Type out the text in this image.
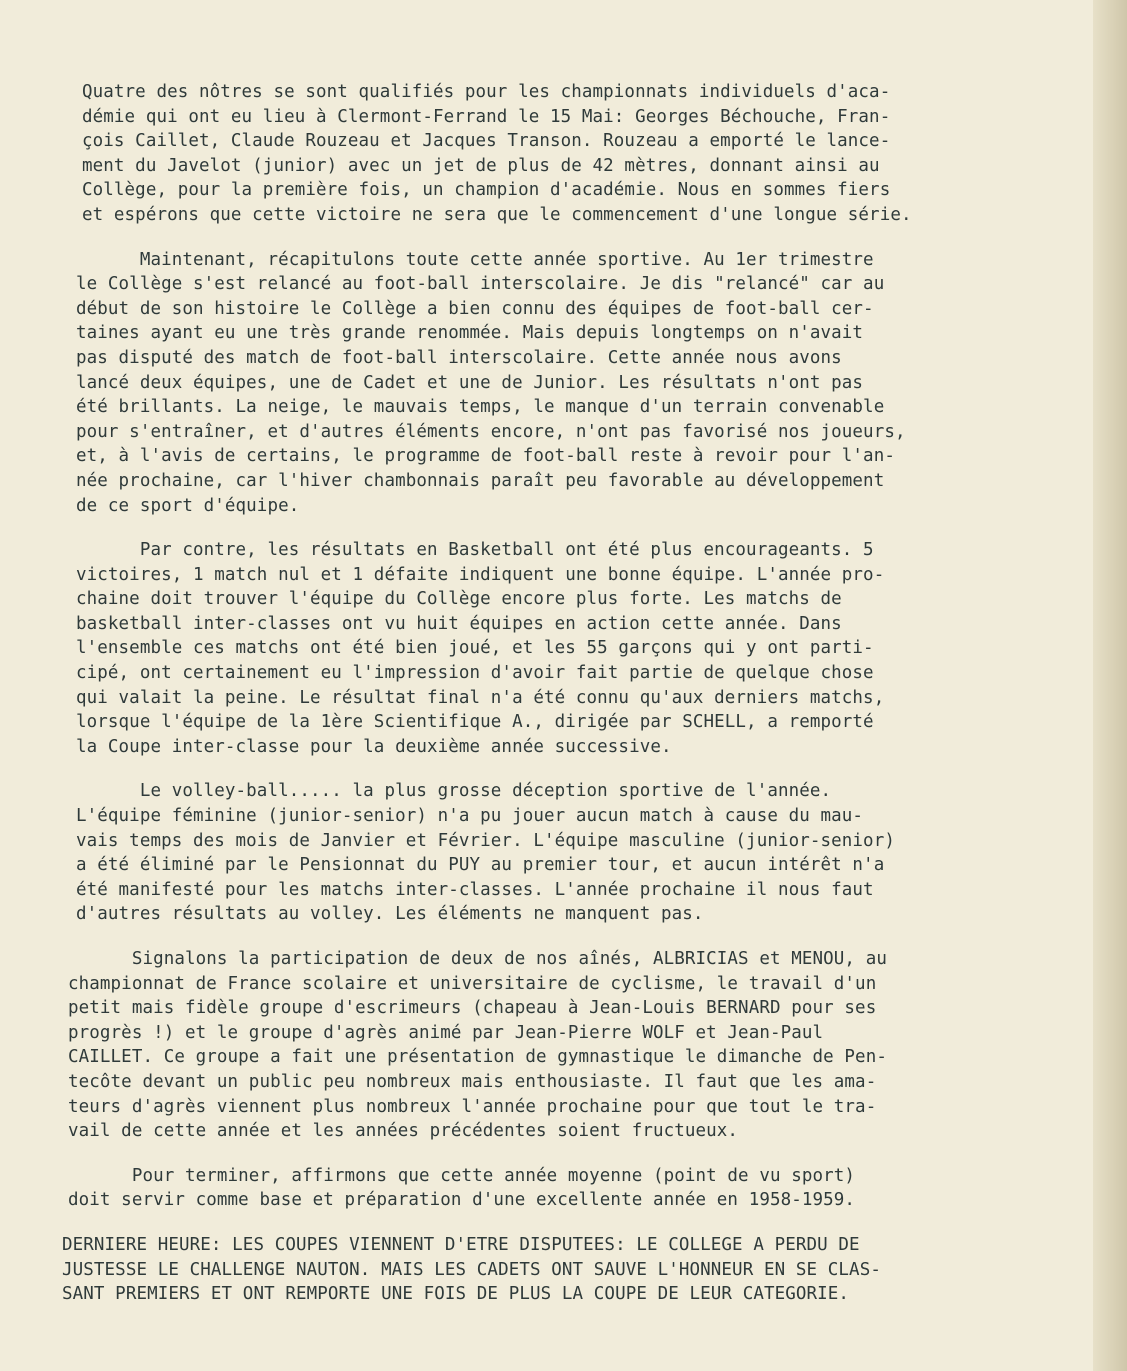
Quatre des nôtres se sont qualifiés pour les championnats individuels d'aca-
démie qui ont eu lieu à Clermont-Ferrand le 15 Mai: Georges Béchouche, Fran-
çois Caillet, Claude Rouzeau et Jacques Transon. Rouzeau a emporté le lance-
ment du Javelot (junior) avec un jet de plus de 42 mètres, donnant ainsi au
Collège, pour la première fois, un champion d'académie. Nous en sommes fiers
et espérons que cette victoire ne sera que le commencement d'une longue série.
Maintenant, récapitulons toute cette année sportive. Au 1er trimestre
le Collège s'est relancé au foot-ball interscolaire. Je dis "relancé" car au
début de son histoire le Collège a bien connu des équipes de foot-ball cer-
taines ayant eu une très grande renommée. Mais depuis longtemps on n'avait
pas disputé des match de foot-ball interscolaire. Cette année nous avons
lancé deux équipes, une de Cadet et une de Junior. Les résultats n'ont pas
été brillants. La neige, le mauvais temps, le manque d'un terrain convenable
pour s'entraîner, et d'autres éléments encore, n'ont pas favorisé nos joueurs,
et, à l'avis de certains, le programme de foot-ball reste à revoir pour l'an-
née prochaine, car l'hiver chambonnais paraît peu favorable au développement
de ce sport d'équipe.
Par contre, les résultats en Basketball ont été plus encourageants. 5
victoires, 1 match nul et 1 défaite indiquent une bonne équipe. L'année pro-
chaine doit trouver l'équipe du Collège encore plus forte. Les matchs de
basketball inter-classes ont vu huit équipes en action cette année. Dans
l'ensemble ces matchs ont été bien joué, et les 55 garçons qui y ont parti-
cipé, ont certainement eu l'impression d'avoir fait partie de quelque chose
qui valait la peine. Le résultat final n'a été connu qu'aux derniers matchs,
lorsque l'équipe de la 1ère Scientifique A., dirigée par SCHELL, a remporté
la Coupe inter-classe pour la deuxième année successive.
Le volley-ball..... la plus grosse déception sportive de l'année.
L'équipe féminine (junior-senior) n'a pu jouer aucun match à cause du mau-
vais temps des mois de Janvier et Février. L'équipe masculine (junior-senior)
a été éliminé par le Pensionnat du PUY au premier tour, et aucun intérêt n'a
été manifesté pour les matchs inter-classes. L'année prochaine il nous faut
d'autres résultats au volley. Les éléments ne manquent pas.
Signalons la participation de deux de nos aînés, ALBRICIAS et MENOU, au
championnat de France scolaire et universitaire de cyclisme, le travail d'un
petit mais fidèle groupe d'escrimeurs (chapeau à Jean-Louis BERNARD pour ses
progrès !) et le groupe d'agrès animé par Jean-Pierre WOLF et Jean-Paul
CAILLET. Ce groupe a fait une présentation de gymnastique le dimanche de Pen-
tecôte devant un public peu nombreux mais enthousiaste. Il faut que les ama-
teurs d'agrès viennent plus nombreux l'année prochaine pour que tout le tra-
vail de cette année et les années précédentes soient fructueux.
Pour terminer, affirmons que cette année moyenne (point de vu sport)
doit servir comme base et préparation d'une excellente année en 1958-1959.
DERNIERE HEURE: LES COUPES VIENNENT D'ETRE DISPUTEES: LE COLLEGE A PERDU DE
JUSTESSE LE CHALLENGE NAUTON. MAIS LES CADETS ONT SAUVE L'HONNEUR EN SE CLAS-
SANT PREMIERS ET ONT REMPORTE UNE FOIS DE PLUS LA COUPE DE LEUR CATEGORIE.
